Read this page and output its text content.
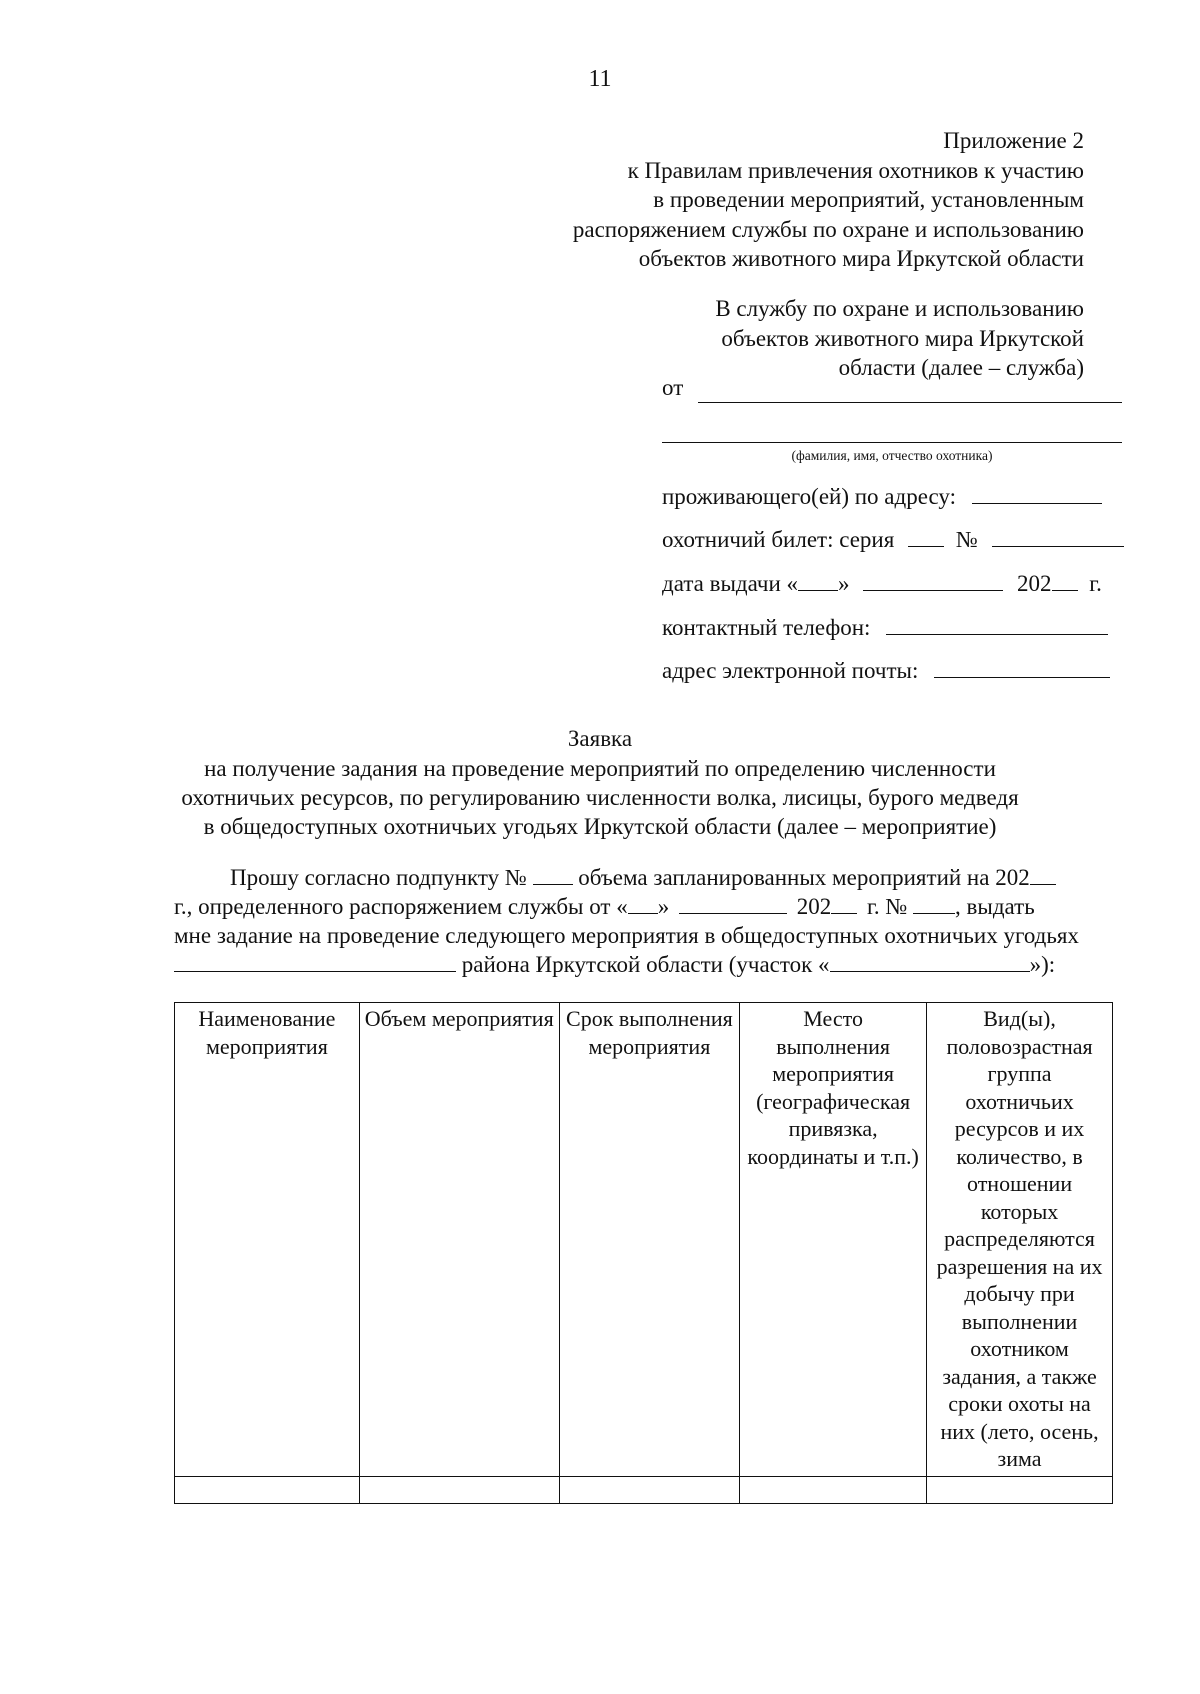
11
Приложение 2
к Правилам привлечения охотников к участию
в проведении мероприятий, установленным
распоряжением службы по охране и использованию
объектов животного мира Иркутской области
В службу по охране и использованию
объектов животного мира Иркутской
области (далее – служба)
от
(фамилия, имя, отчество охотника)
проживающего(ей) по адресу:
охотничий билет: серия	№
дата выдачи « »	202 г.
контактный телефон:
адрес электронной почты:
Заявка
на получение задания на проведение мероприятий по определению численности охотничьих ресурсов, по регулированию численности волка, лисицы, бурого медведя в общедоступных охотничьих угодьях Иркутской области (далее – мероприятие)

Прошу согласно подпункту № объема запланированных мероприятий на 202

г., определенного распоряжением службы от « »	202 г. № , выдать

мне задание на проведение следующего мероприятия в общедоступных охотничьих угодьях

района Иркутской области (участок «	»):

Наименование мероприятия	Объем мероприятия	Срок выполнения мероприятия	Место выполнения мероприятия (географическая привязка, координаты и т.п.)	Вид(ы), половозрастная группа охотничьих ресурсов и их количество, в отношении которых распределяются разрешения на их добычу при выполнении охотником задания, а также сроки охоты на них (лето, осень, зима
